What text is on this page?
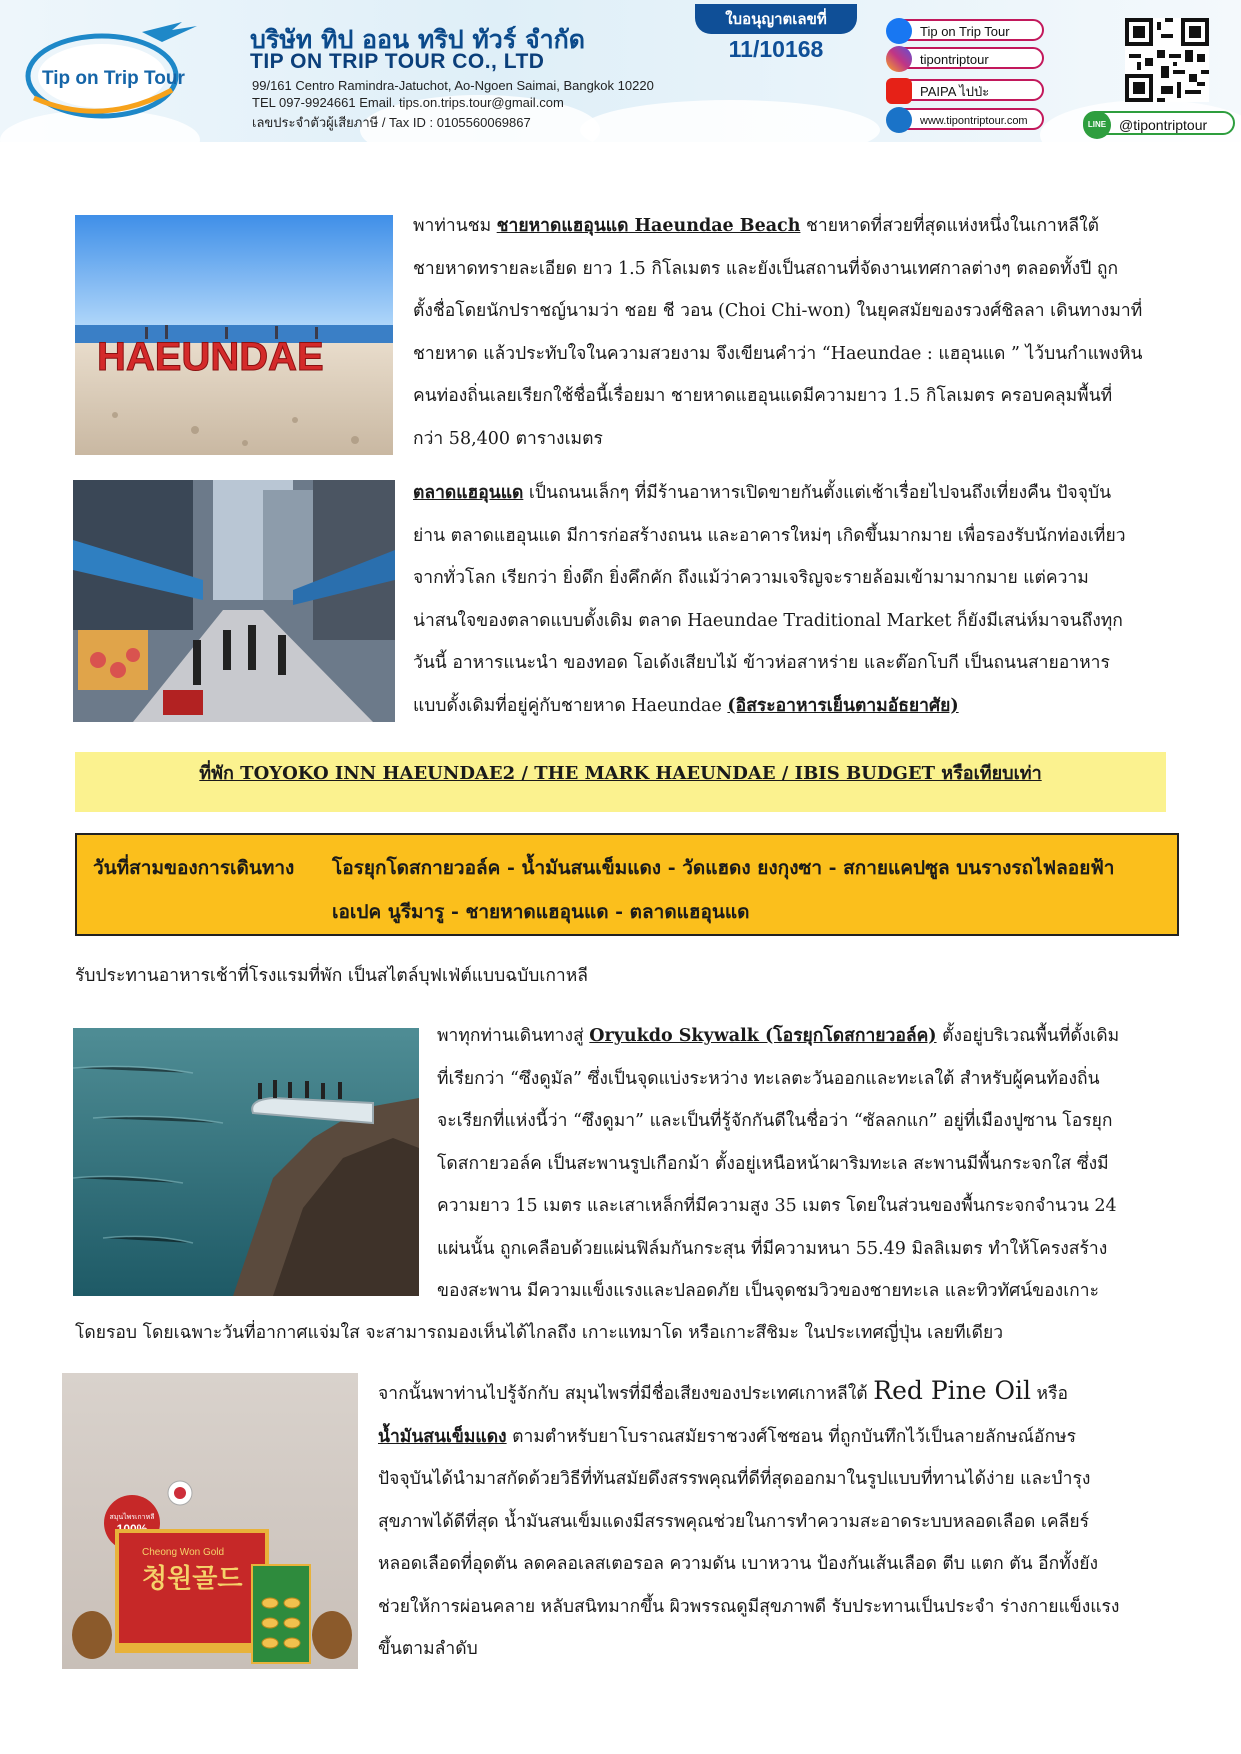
Tip on Trip Tour
บริษัท ทิป ออน ทริป ทัวร์ จำกัด
TIP ON TRIP TOUR CO., LTD
99/161 Centro Ramindra-Jatuchot, Ao-Ngoen Saimai, Bangkok 10220
TEL 097-9924661 Email. tips.on.trips.tour@gmail.com
เลขประจำตัวผู้เสียภาษี / Tax ID : 0105560069867
ใบอนุญาตเลขที่
11/10168
Tip on Trip Tour
tipontriptour
PAIPA ไปป่ะ
www.tipontriptour.com	LINE @tipontriptour
HAEUNDAE
พาท่านชม ชายหาดแฮอุนแด Haeundae Beach ชายหาดที่สวยที่สุดแห่งหนึ่งในเกาหลีใต้
ชายหาดทรายละเอียด ยาว 1.5 กิโลเมตร และยังเป็นสถานที่จัดงานเทศกาลต่างๆ ตลอดทั้งปี ถูก
ตั้งชื่อโดยนักปราชญ์นามว่า ชอย ชี วอน (Choi Chi-won) ในยุคสมัยของรวงศ์ชิลลา เดินทางมาที่
ชายหาด แล้วประทับใจในความสวยงาม จึงเขียนคำว่า “Haeundae : แฮอุนแด ” ไว้บนกำแพงหิน
คนท่องถิ่นเลยเรียกใช้ชื่อนี้เรื่อยมา ชายหาดแฮอุนแดมีความยาว 1.5 กิโลเมตร ครอบคลุมพื้นที่
กว่า 58,400 ตารางเมตร
ตลาดแฮอุนแด เป็นถนนเล็กๆ ที่มีร้านอาหารเปิดขายกันตั้งแต่เช้าเรื่อยไปจนถึงเที่ยงคืน ปัจจุบัน
ย่าน ตลาดแฮอุนแด มีการก่อสร้างถนน และอาคารใหม่ๆ เกิดขึ้นมากมาย เพื่อรองรับนักท่องเที่ยว
จากทั่วโลก เรียกว่า ยิ่งดึก ยิ่งคึกคัก ถึงแม้ว่าความเจริญจะรายล้อมเข้ามามากมาย แต่ความ
น่าสนใจของตลาดแบบดั้งเดิม ตลาด Haeundae Traditional Market ก็ยังมีเสน่ห์มาจนถึงทุก
วันนี้ อาหารแนะนำ ของทอด โอเด้งเสียบไม้ ข้าวห่อสาหร่าย และต๊อกโบกี เป็นถนนสายอาหาร
แบบดั้งเดิมที่อยู่คู่กับชายหาด Haeundae (อิสระอาหารเย็นตามอัธยาศัย)
ที่พัก TOYOKO INN HAEUNDAE2 / THE MARK HAEUNDAE / IBIS BUDGET หรือเทียบเท่า
วันที่สามของการเดินทาง โอรยุกโดสกายวอล์ค - น้ำมันสนเข็มแดง - วัดแฮดง ยงกุงซา - สกายแคปซูล บนรางรถไฟลอยฟ้า
เอเปค นูรีมารู - ชายหาดแฮอุนแด - ตลาดแฮอุนแด
รับประทานอาหารเช้าที่โรงแรมที่พัก เป็นสไตล์บุฟเฟ่ต์แบบฉบับเกาหลี
พาทุกท่านเดินทางสู่ Oryukdo Skywalk (โอรยุกโดสกายวอล์ค) ตั้งอยู่บริเวณพื้นที่ดั้งเดิม
ที่เรียกว่า “ซึงดูมัล” ซึ่งเป็นจุดแบ่งระหว่าง ทะเลตะวันออกและทะเลใต้ สำหรับผู้คนท้องถิ่น
จะเรียกที่แห่งนี้ว่า “ซึงดูมา” และเป็นที่รู้จักกันดีในชื่อว่า “ซัลลกแก” อยู่ที่เมืองปูซาน โอรยุก
โดสกายวอล์ค เป็นสะพานรูปเกือกม้า ตั้งอยู่เหนือหน้าผาริมทะเล สะพานมีพื้นกระจกใส ซึ่งมี
ความยาว 15 เมตร และเสาเหล็กที่มีความสูง 35 เมตร โดยในส่วนของพื้นกระจกจำนวน 24
แผ่นนั้น ถูกเคลือบด้วยแผ่นฟิล์มกันกระสุน ที่มีความหนา 55.49 มิลลิเมตร ทำให้โครงสร้าง
ของสะพาน มีความแข็งแรงและปลอดภัย เป็นจุดชมวิวของชายทะเล และทิวทัศน์ของเกาะ
โดยรอบ โดยเฉพาะวันที่อากาศแจ่มใส จะสามารถมองเห็นได้ไกลถึง เกาะแทมาโด หรือเกาะสึชิมะ ในประเทศญี่ปุ่น เลยทีเดียว
สมุนไพรเกาหลี
Cheong Won Gold
청원골드
จากนั้นพาท่านไปรู้จักกับ สมุนไพรที่มีชื่อเสียงของประเทศเกาหลีใต้ Red Pine Oil หรือ
น้ำมันสนเข็มแดง ตามตำหรับยาโบราณสมัยราชวงศ์โชซอน ที่ถูกบันทึกไว้เป็นลายลักษณ์อักษร
ปัจจุบันได้นำมาสกัดด้วยวิธีที่ทันสมัยดึงสรรพคุณที่ดีที่สุดออกมาในรูปแบบที่ทานได้ง่าย และบำรุง
สุขภาพได้ดีที่สุด น้ำมันสนเข็มแดงมีสรรพคุณช่วยในการทำความสะอาดระบบหลอดเลือด เคลียร์
หลอดเลือดที่อุดตัน ลดคลอเลสเตอรอล ความดัน เบาหวาน ป้องกันเส้นเลือด ตีบ แตก ตัน อีกทั้งยัง
ช่วยให้การผ่อนคลาย หลับสนิทมากขึ้น ผิวพรรณดูมีสุขภาพดี รับประทานเป็นประจำ ร่างกายแข็งแรง
ขึ้นตามลำดับ
